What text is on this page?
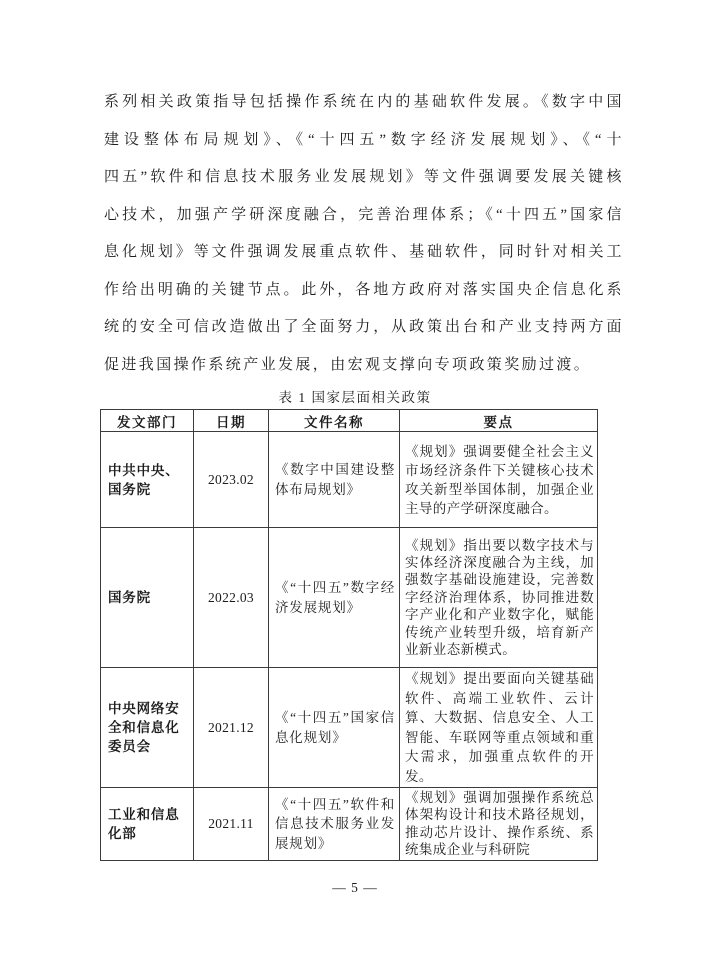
系列相关政策指导包括操作系统在内的基础软件发展。《数字中国
建设整体布局规划》、《“十四五”数字经济发展规划》、《“十
四五”软件和信息技术服务业发展规划》等文件强调要发展关键核
心技术，加强产学研深度融合，完善治理体系；《“十四五”国家信
息化规划》等文件强调发展重点软件、基础软件，同时针对相关工
作给出明确的关键节点。此外，各地方政府对落实国央企信息化系
统的安全可信改造做出了全面努力，从政策出台和产业支持两方面
促进我国操作系统产业发展，由宏观支撑向专项政策奖励过渡。
表 1 国家层面相关政策
发文部门	日期	文件名称	要点
中共中央、国务院	2023.02	《数字中国建设整体布局规划》	《规划》强调要健全社会主义市场经济条件下关键核心技术攻关新型举国体制，加强企业主导的产学研深度融合。
国务院	2022.03	《“十四五”数字经济发展规划》	《规划》指出要以数字技术与实体经济深度融合为主线，加强数字基础设施建设，完善数字经济治理体系，协同推进数字产业化和产业数字化，赋能传统产业转型升级，培育新产业新业态新模式。
中央网络安全和信息化委员会	2021.12	《“十四五”国家信息化规划》	《规划》提出要面向关键基础软件、高端工业软件、云计算、大数据、信息安全、人工智能、车联网等重点领域和重大需求，加强重点软件的开发。
工业和信息化部	2021.11	《“十四五”软件和信息技术服务业发展规划》	《规划》强调加强操作系统总体架构设计和技术路径规划，推动芯片设计、操作系统、系统集成企业与科研院
— 5 —
